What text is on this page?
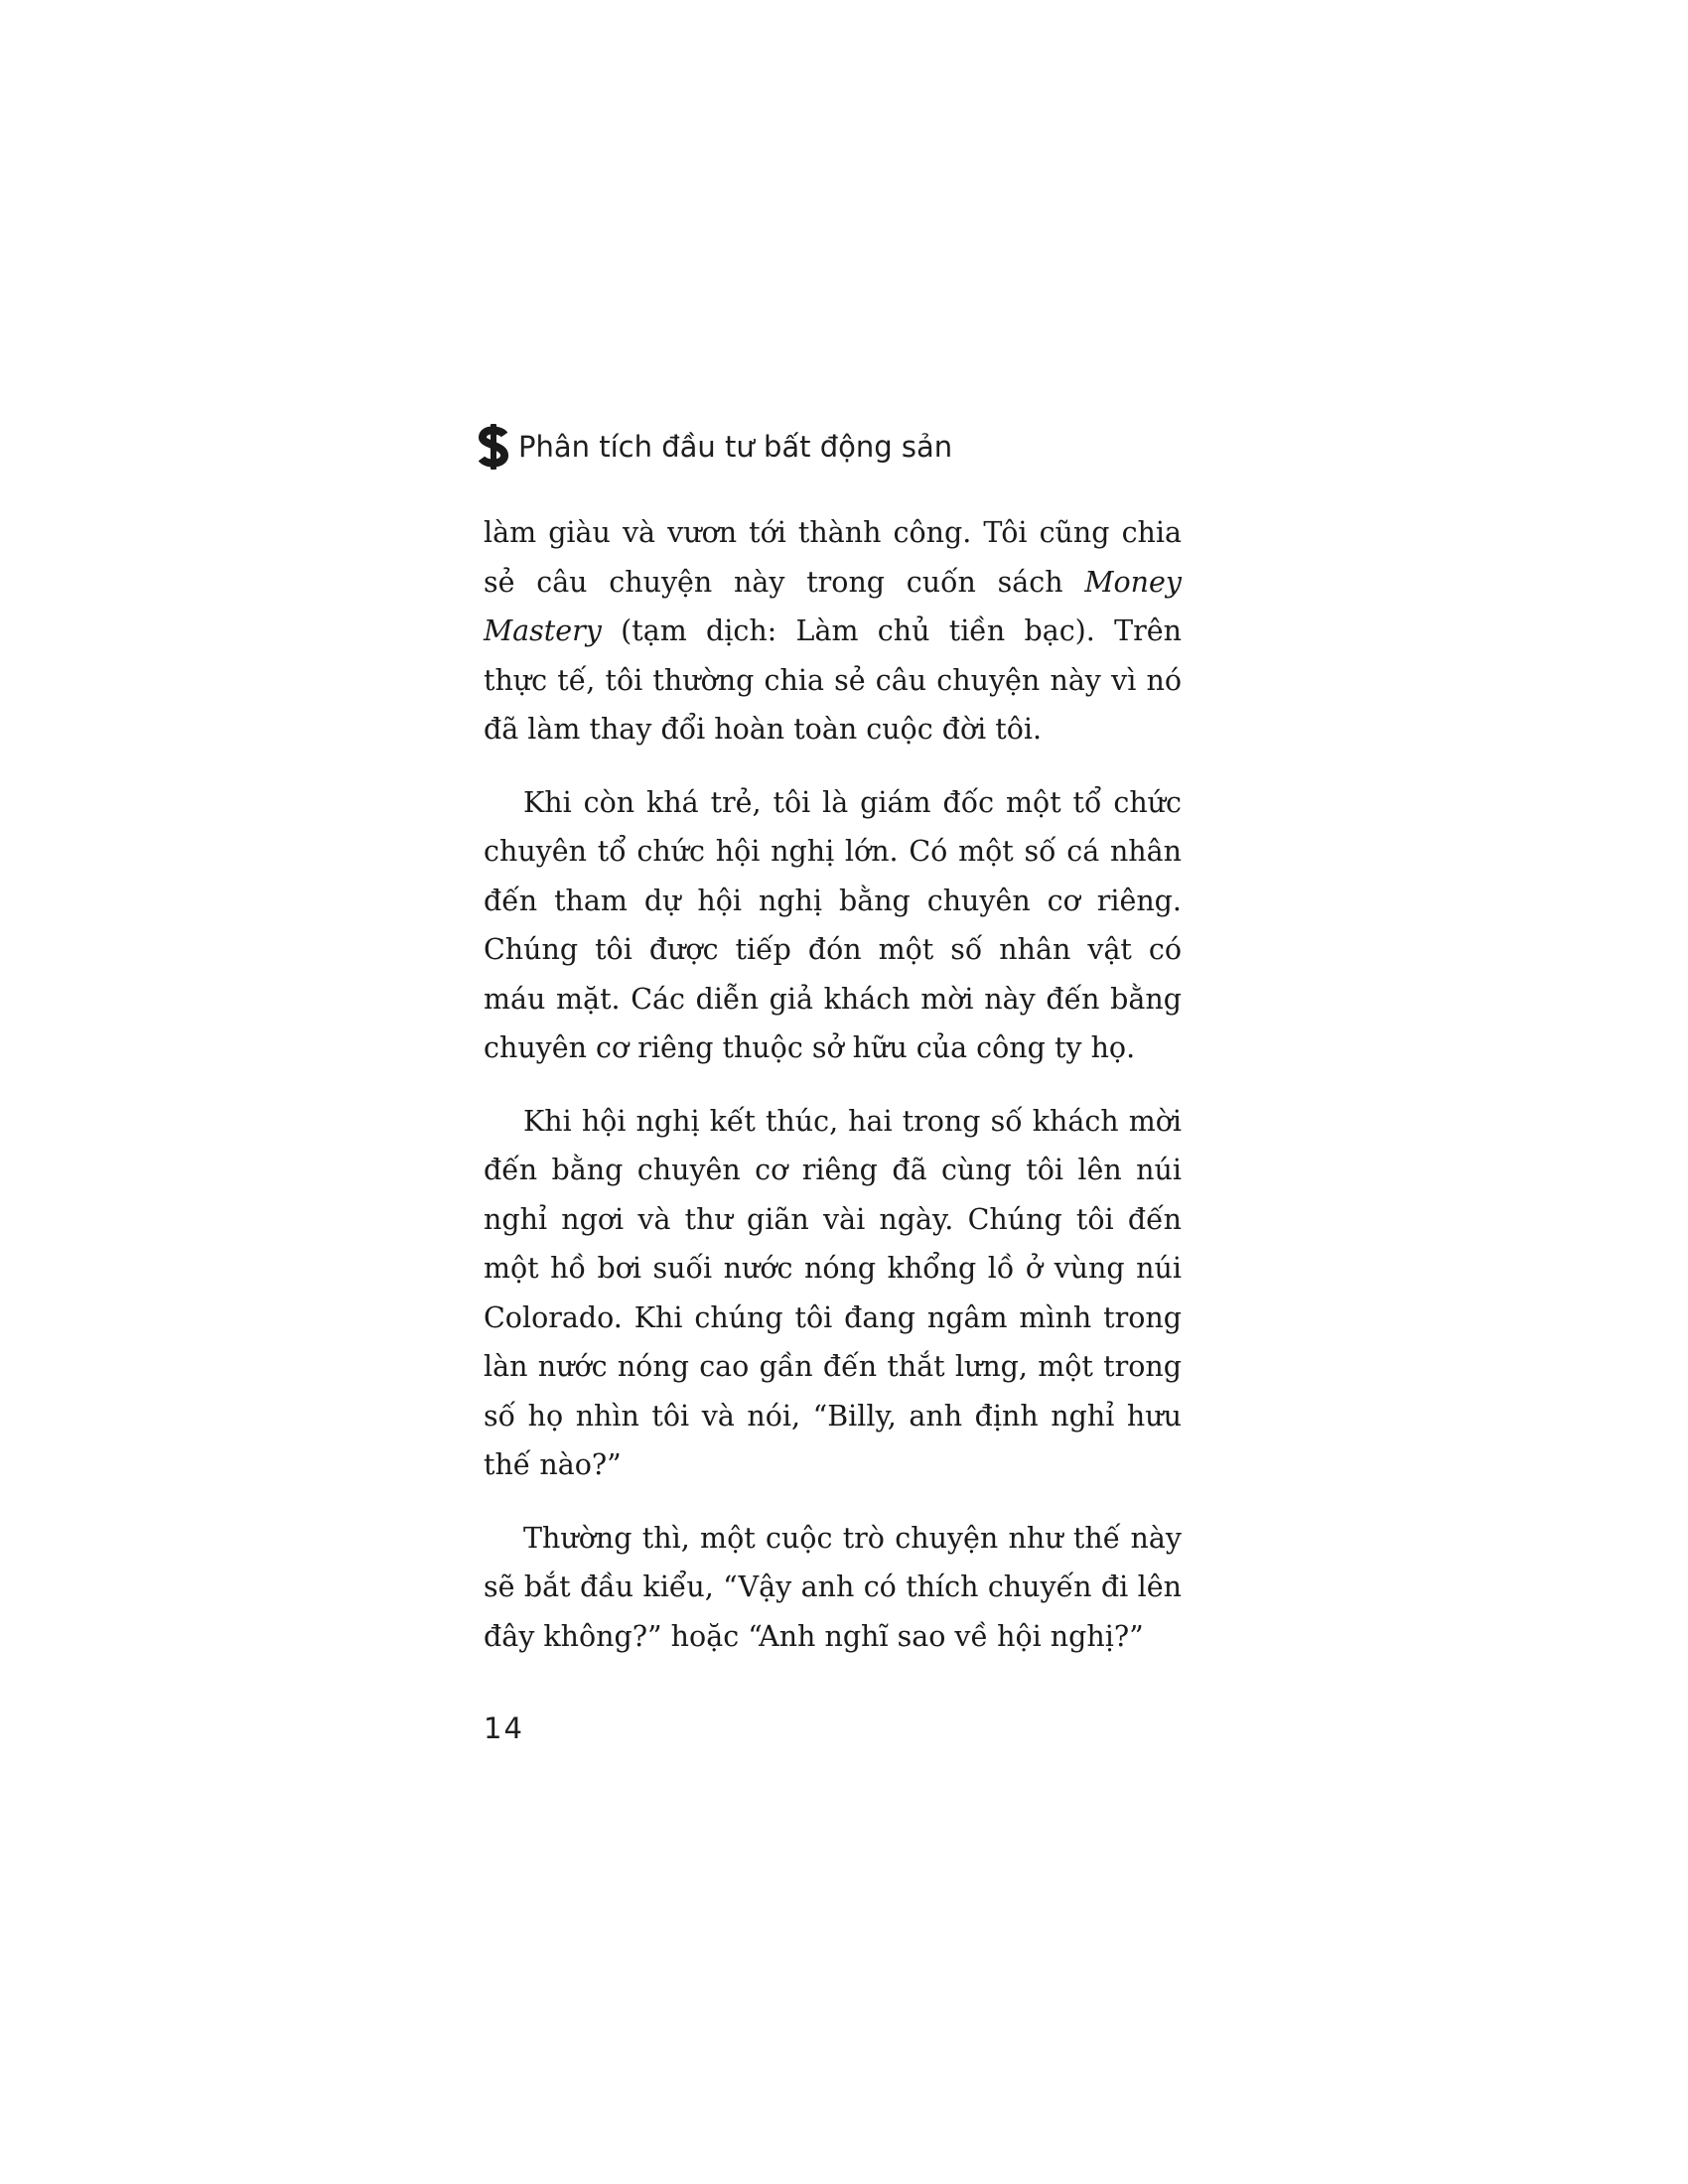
Phân tích đầu tư bất động sản

làm giàu và vươn tới thành công. Tôi cũng chia sẻ câu chuyện này trong cuốn sách Money Mastery (tạm dịch: Làm chủ tiền bạc). Trên thực tế, tôi thường chia sẻ câu chuyện này vì nó đã làm thay đổi hoàn toàn cuộc đời tôi.

Khi còn khá trẻ, tôi là giám đốc một tổ chức chuyên tổ chức hội nghị lớn. Có một số cá nhân đến tham dự hội nghị bằng chuyên cơ riêng. Chúng tôi được tiếp đón một số nhân vật có máu mặt. Các diễn giả khách mời này đến bằng chuyên cơ riêng thuộc sở hữu của công ty họ.

Khi hội nghị kết thúc, hai trong số khách mời đến bằng chuyên cơ riêng đã cùng tôi lên núi nghỉ ngơi và thư giãn vài ngày. Chúng tôi đến một hồ bơi suối nước nóng khổng lồ ở vùng núi Colorado. Khi chúng tôi đang ngâm mình trong làn nước nóng cao gần đến thắt lưng, một trong số họ nhìn tôi và nói, “Billy, anh định nghỉ hưu thế nào?”

Thường thì, một cuộc trò chuyện như thế này sẽ bắt đầu kiểu, “Vậy anh có thích chuyến đi lên đây không?” hoặc “Anh nghĩ sao về hội nghị?”

14
